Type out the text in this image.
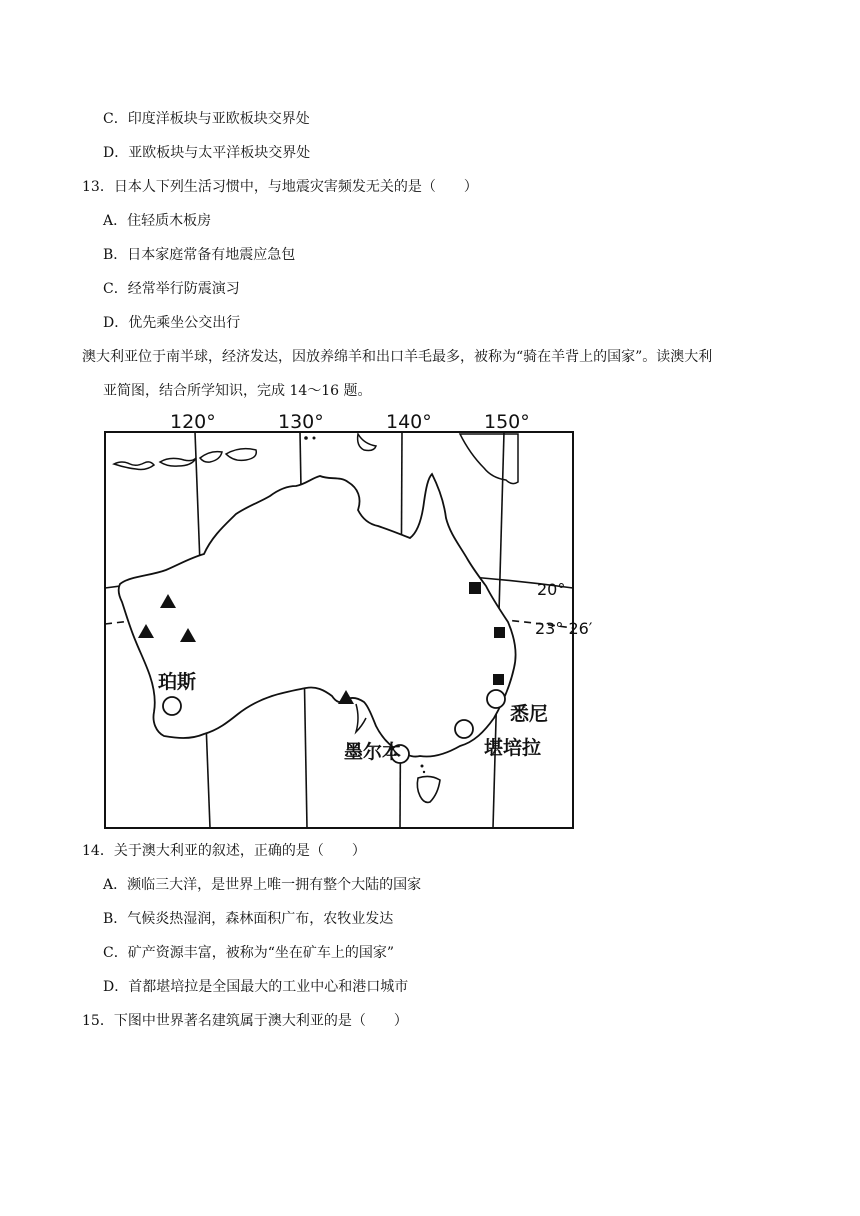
C．印度洋板块与亚欧板块交界处
D．亚欧板块与太平洋板块交界处
13．日本人下列生活习惯中，与地震灾害频发无关的是（　　）
A．住轻质木板房
B．日本家庭常备有地震应急包
C．经常举行防震演习
D．优先乘坐公交出行
澳大利亚位于南半球，经济发达，因放养绵羊和出口羊毛最多，被称为“骑在羊背上的国家”。读澳大利
亚简图，结合所学知识，完成 14～16 题。
120°	130°	140°	150°
20°
23° 26′
珀斯
悉尼
堪培拉
墨尔本
14．关于澳大利亚的叙述，正确的是（　　）
A．濒临三大洋，是世界上唯一拥有整个大陆的国家
B．气候炎热湿润，森林面积广布，农牧业发达
C．矿产资源丰富，被称为“坐在矿车上的国家”
D．首都堪培拉是全国最大的工业中心和港口城市
15．下图中世界著名建筑属于澳大利亚的是（　　）
